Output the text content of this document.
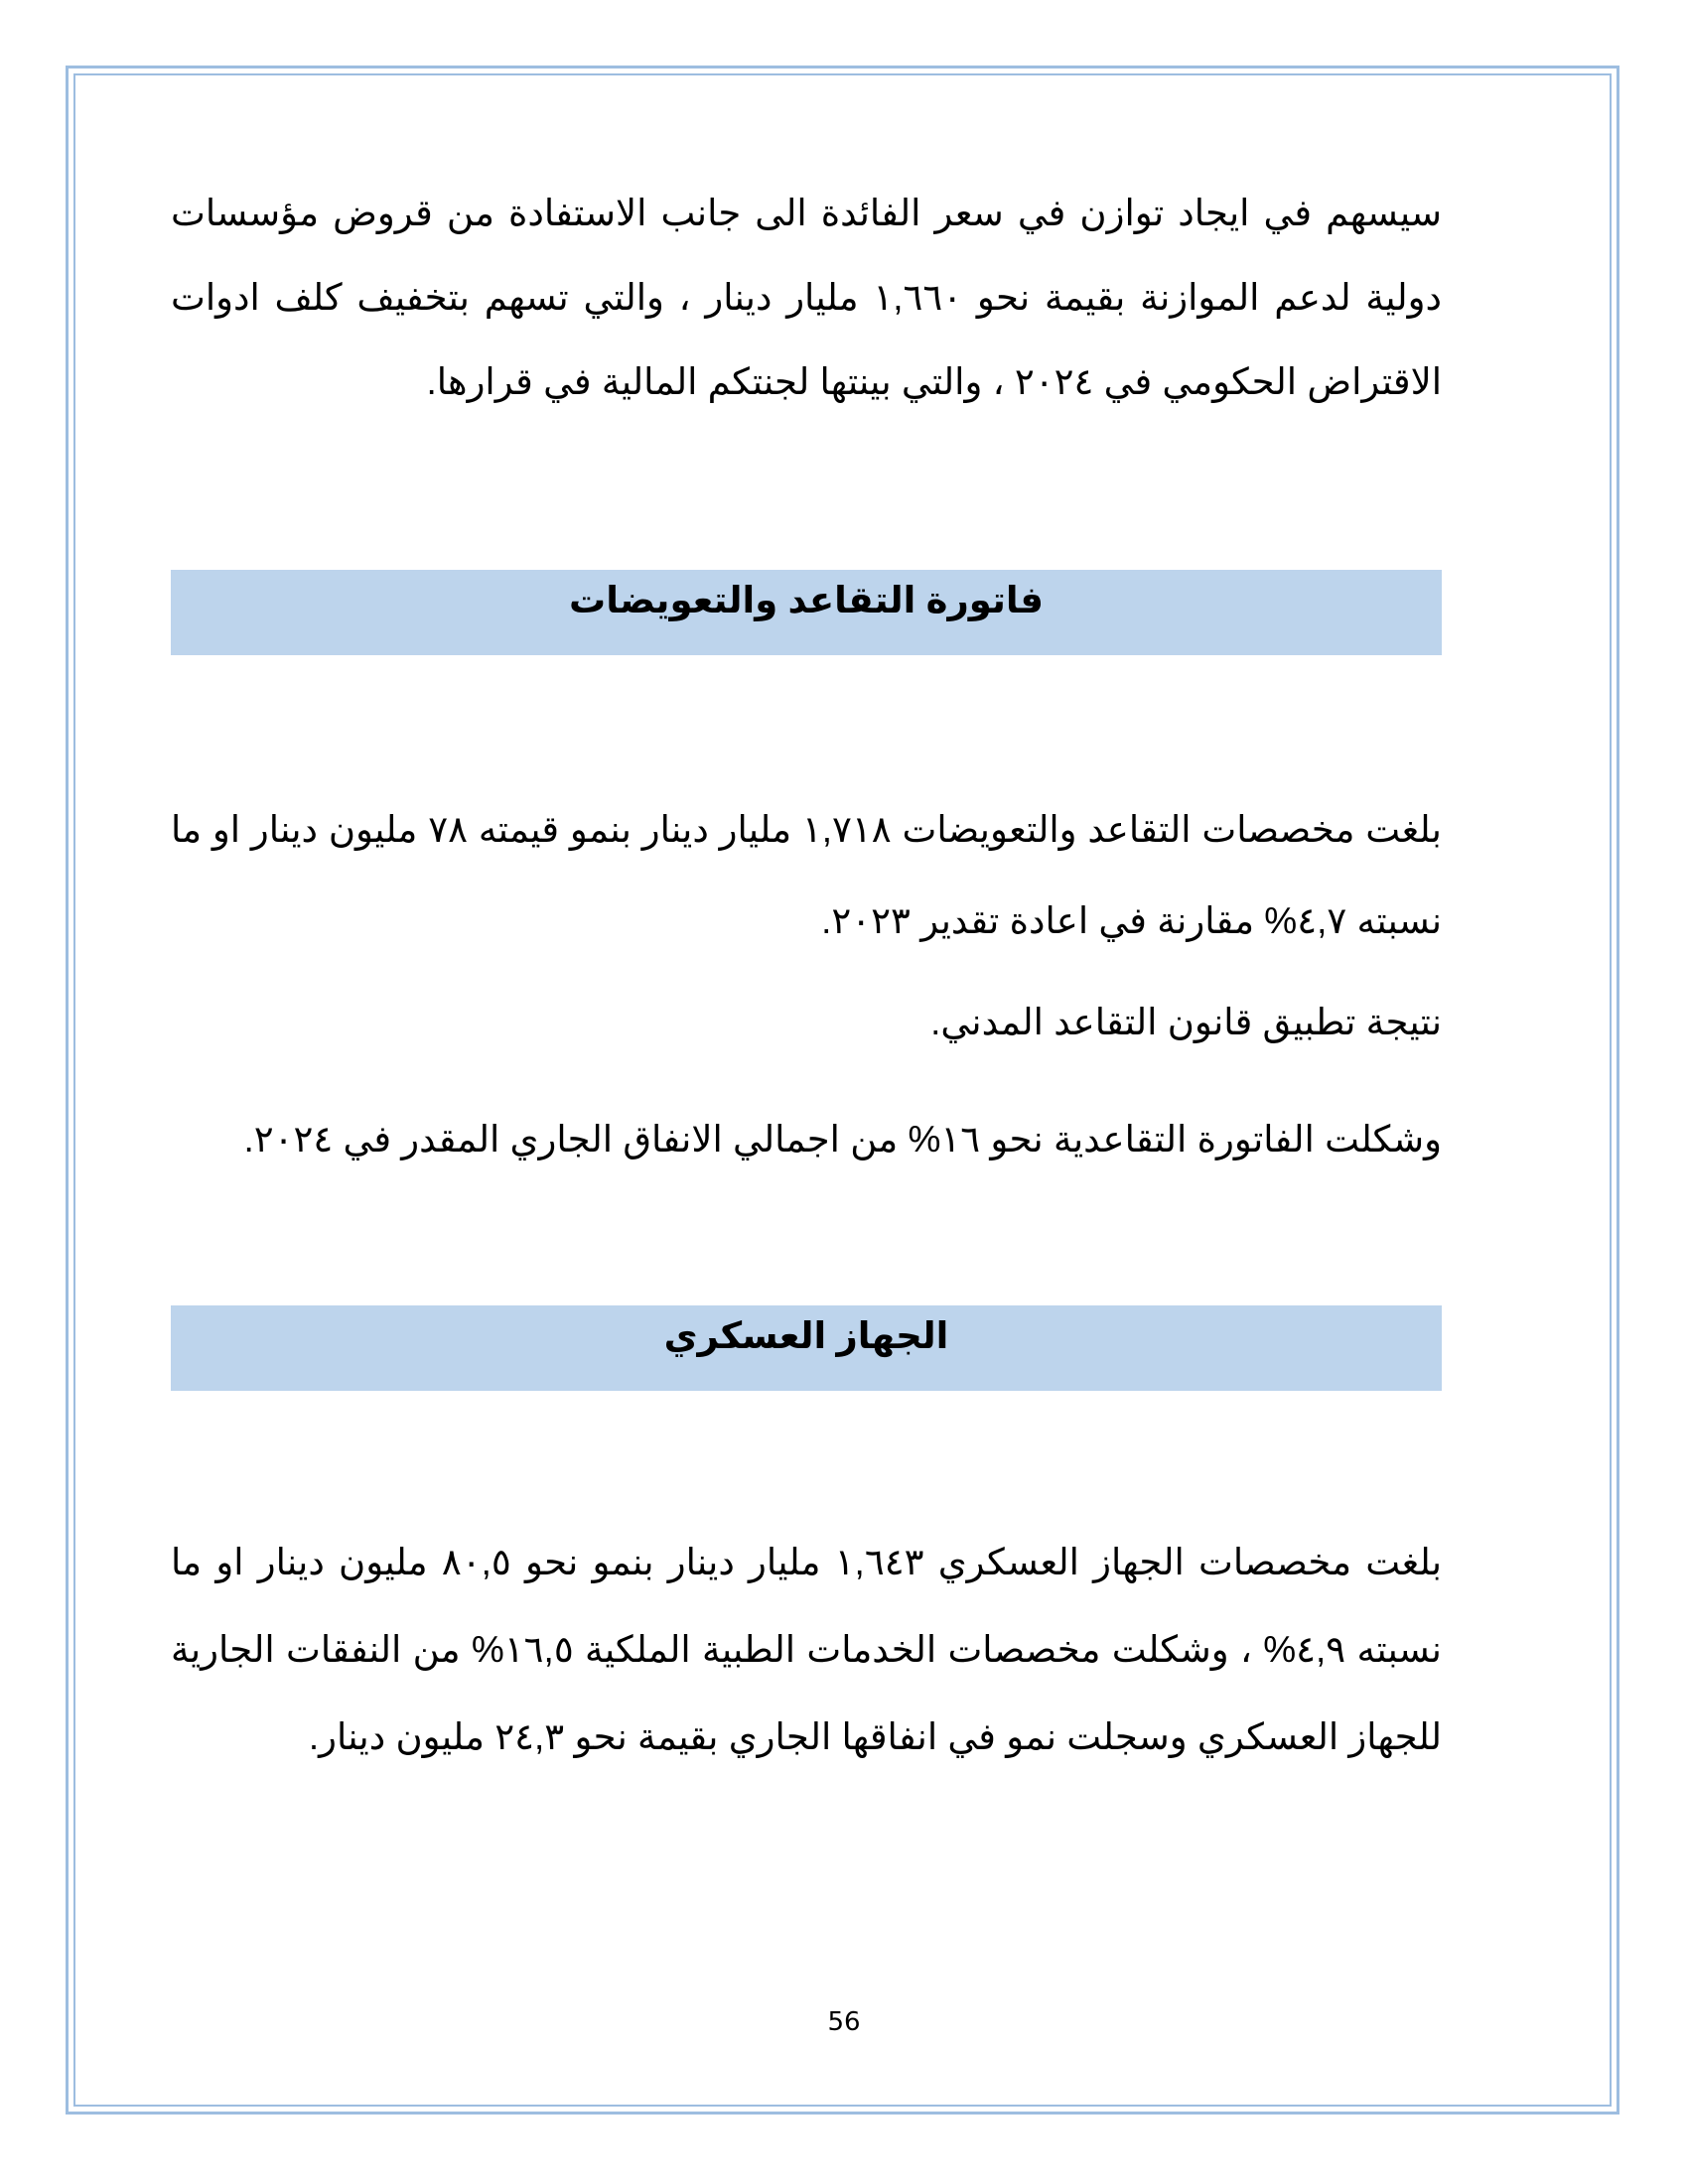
سيسهم في ايجاد توازن في سعر الفائدة الى جانب الاستفادة من قروض مؤسسات دولية لدعم الموازنة بقيمة نحو ١,٦٦٠ مليار دينار ، والتي تسهم بتخفيف كلف ادوات الاقتراض الحكومي في ٢٠٢٤ ، والتي بينتها لجنتكم المالية في قرارها.

فاتورة التقاعد والتعويضات

بلغت مخصصات التقاعد والتعويضات ١,٧١٨ مليار دينار بنمو قيمته ٧٨ مليون دينار او ما نسبته ٤,٧% مقارنة في اعادة تقدير ٢٠٢٣.

نتيجة تطبيق قانون التقاعد المدني.

وشكلت الفاتورة التقاعدية نحو ١٦% من اجمالي الانفاق الجاري المقدر في ٢٠٢٤.

الجهاز العسكري

بلغت مخصصات الجهاز العسكري ١,٦٤٣ مليار دينار بنمو نحو ٨٠,٥ مليون دينار او ما نسبته ٤,٩% ، وشكلت مخصصات الخدمات الطبية الملكية ١٦,٥% من النفقات الجارية للجهاز العسكري وسجلت نمو في انفاقها الجاري بقيمة نحو ٢٤,٣ مليون دينار.

56
